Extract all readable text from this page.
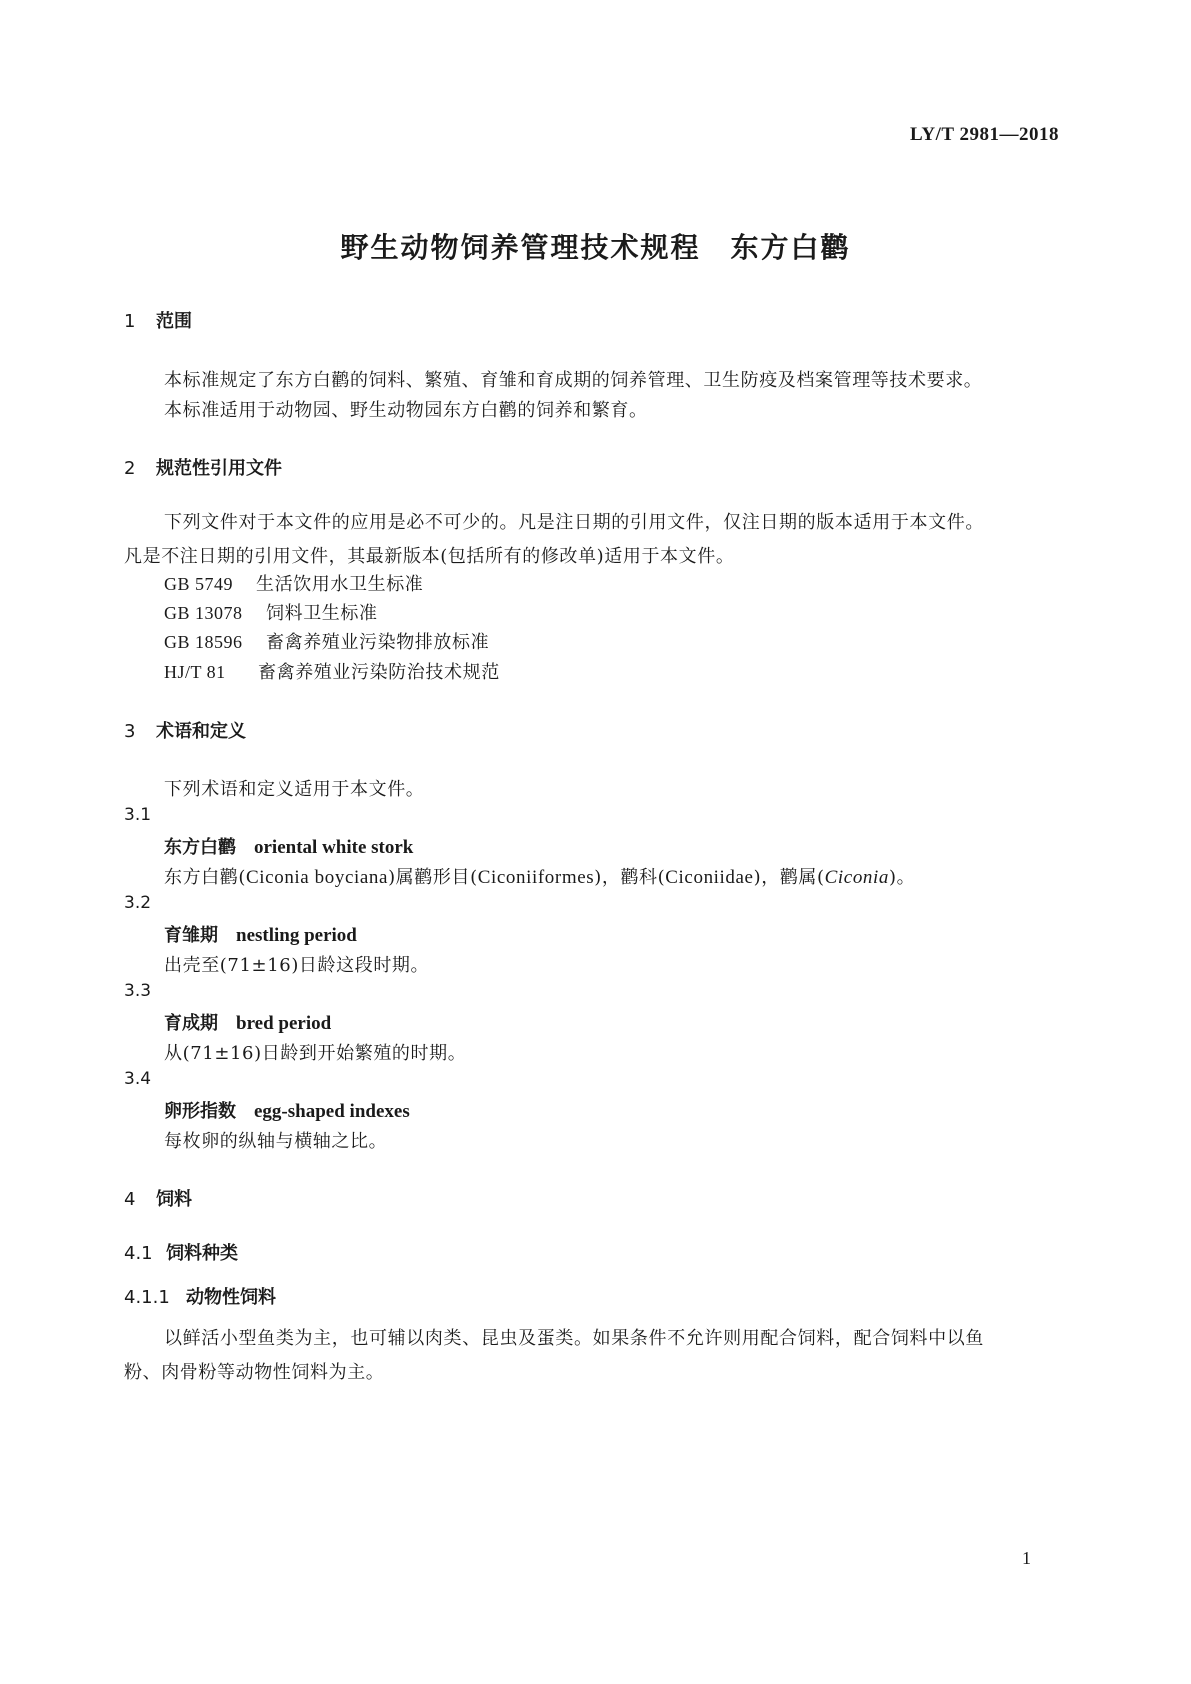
LY/T 2981—2018
野生动物饲养管理技术规程　东方白鹳
1 范围
本标准规定了东方白鹳的饲料、繁殖、育雏和育成期的饲养管理、卫生防疫及档案管理等技术要求。
本标准适用于动物园、野生动物园东方白鹳的饲养和繁育。
2 规范性引用文件
下列文件对于本文件的应用是必不可少的。凡是注日期的引用文件，仅注日期的版本适用于本文件。凡是不注日期的引用文件，其最新版本(包括所有的修改单)适用于本文件。
GB 5749 生活饮用水卫生标准
GB 13078 饲料卫生标准
GB 18596 畜禽养殖业污染物排放标准
HJ/T 81 畜禽养殖业污染防治技术规范
3 术语和定义
下列术语和定义适用于本文件。
3.1
东方白鹳 oriental white stork
东方白鹳(Ciconia boyciana)属鹳形目(Ciconiiformes)，鹳科(Ciconiidae)，鹳属(Ciconia)。
3.2
育雏期 nestling period
出壳至(71±16)日龄这段时期。
3.3
育成期 bred period
从(71±16)日龄到开始繁殖的时期。
3.4
卵形指数 egg-shaped indexes
每枚卵的纵轴与横轴之比。
4 饲料
4.1 饲料种类
4.1.1 动物性饲料
以鲜活小型鱼类为主，也可辅以肉类、昆虫及蛋类。如果条件不允许则用配合饲料，配合饲料中以鱼粉、肉骨粉等动物性饲料为主。
1
